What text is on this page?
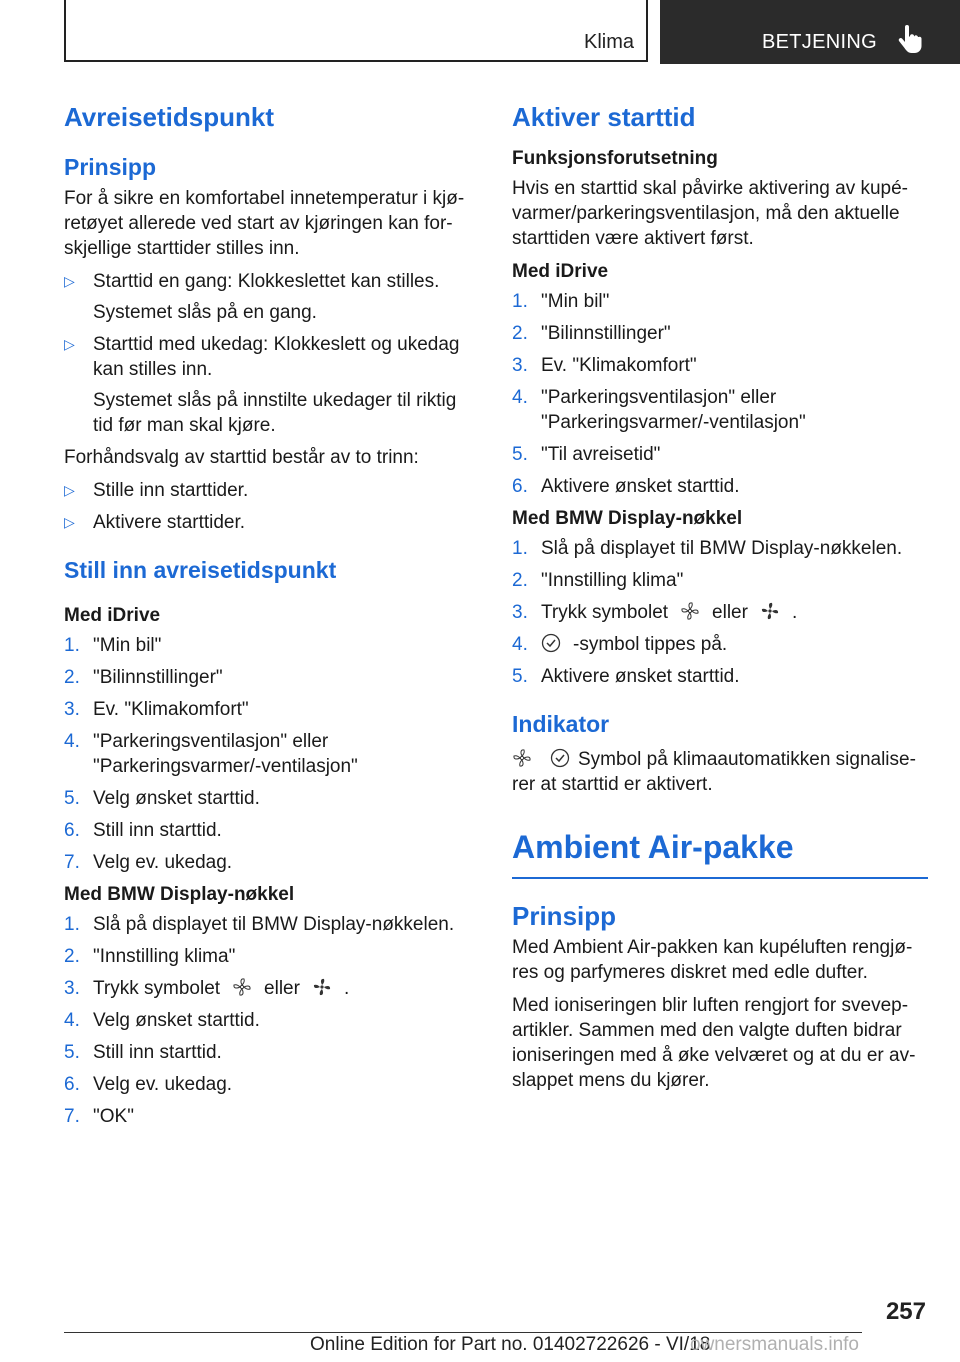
Klima	BETJENING
Avreisetidspunkt
Prinsipp

For å sikre en komfortabel innetemperatur i kjøretøyet allerede ved start av kjøringen kan forskjellige starttider stilles inn.

▷ Starttid en gang: Klokkeslettet kan stilles.

Systemet slås på en gang.

▷ Starttid med ukedag: Klokkeslett og ukedag kan stilles inn.

Systemet slås på innstilte ukedager til riktig tid før man skal kjøre.

Forhåndsvalg av starttid består av to trinn:

▷ Stille inn starttider.
▷ Aktivere starttider.
Still inn avreisetidspunkt
Med iDrive
1. "Min bil"
2. "Bilinnstillinger"
3. Ev. "Klimakomfort"
4. "Parkeringsventilasjon" eller "Parkeringsvarmer/-ventilasjon"
5. Velg ønsket starttid.
6. Still inn starttid.
7. Velg ev. ukedag.
Med BMW Display-nøkkel
1. Slå på displayet til BMW Display-nøkkelen.
2. "Innstilling klima"
3. Trykk symbolet eller .
4. Velg ønsket starttid.
5. Still inn starttid.
6. Velg ev. ukedag.
7. "OK"
Aktiver starttid
Funksjonsforutsetning

Hvis en starttid skal påvirke aktivering av kupévarmer/parkeringsventilasjon, må den aktuelle starttiden være aktivert først.

Med iDrive
1. "Min bil"
2. "Bilinnstillinger"
3. Ev. "Klimakomfort"
4. "Parkeringsventilasjon" eller "Parkeringsvarmer/-ventilasjon"
5. "Til avreisetid"
6. Aktivere ønsket starttid.
Med BMW Display-nøkkel
1. Slå på displayet til BMW Display-nøkkelen.
2. "Innstilling klima"
3. Trykk symbolet eller .
4. -symbol tippes på.
5. Aktivere ønsket starttid.
Indikator

Symbol på klimaautomatikken signaliserer at starttid er aktivert.

Ambient Air-pakke
Prinsipp

Med Ambient Air-pakken kan kupéluften rengjøres og parfymeres diskret med edle dufter.

Med ioniseringen blir luften rengjort for svevepartikler. Sammen med den valgte duften bidrar ioniseringen med å øke velværet og at du er avslappet mens du kjører.

257
Online Edition for Part no. 01402722626 - VI/18
ownersmanuals.info
